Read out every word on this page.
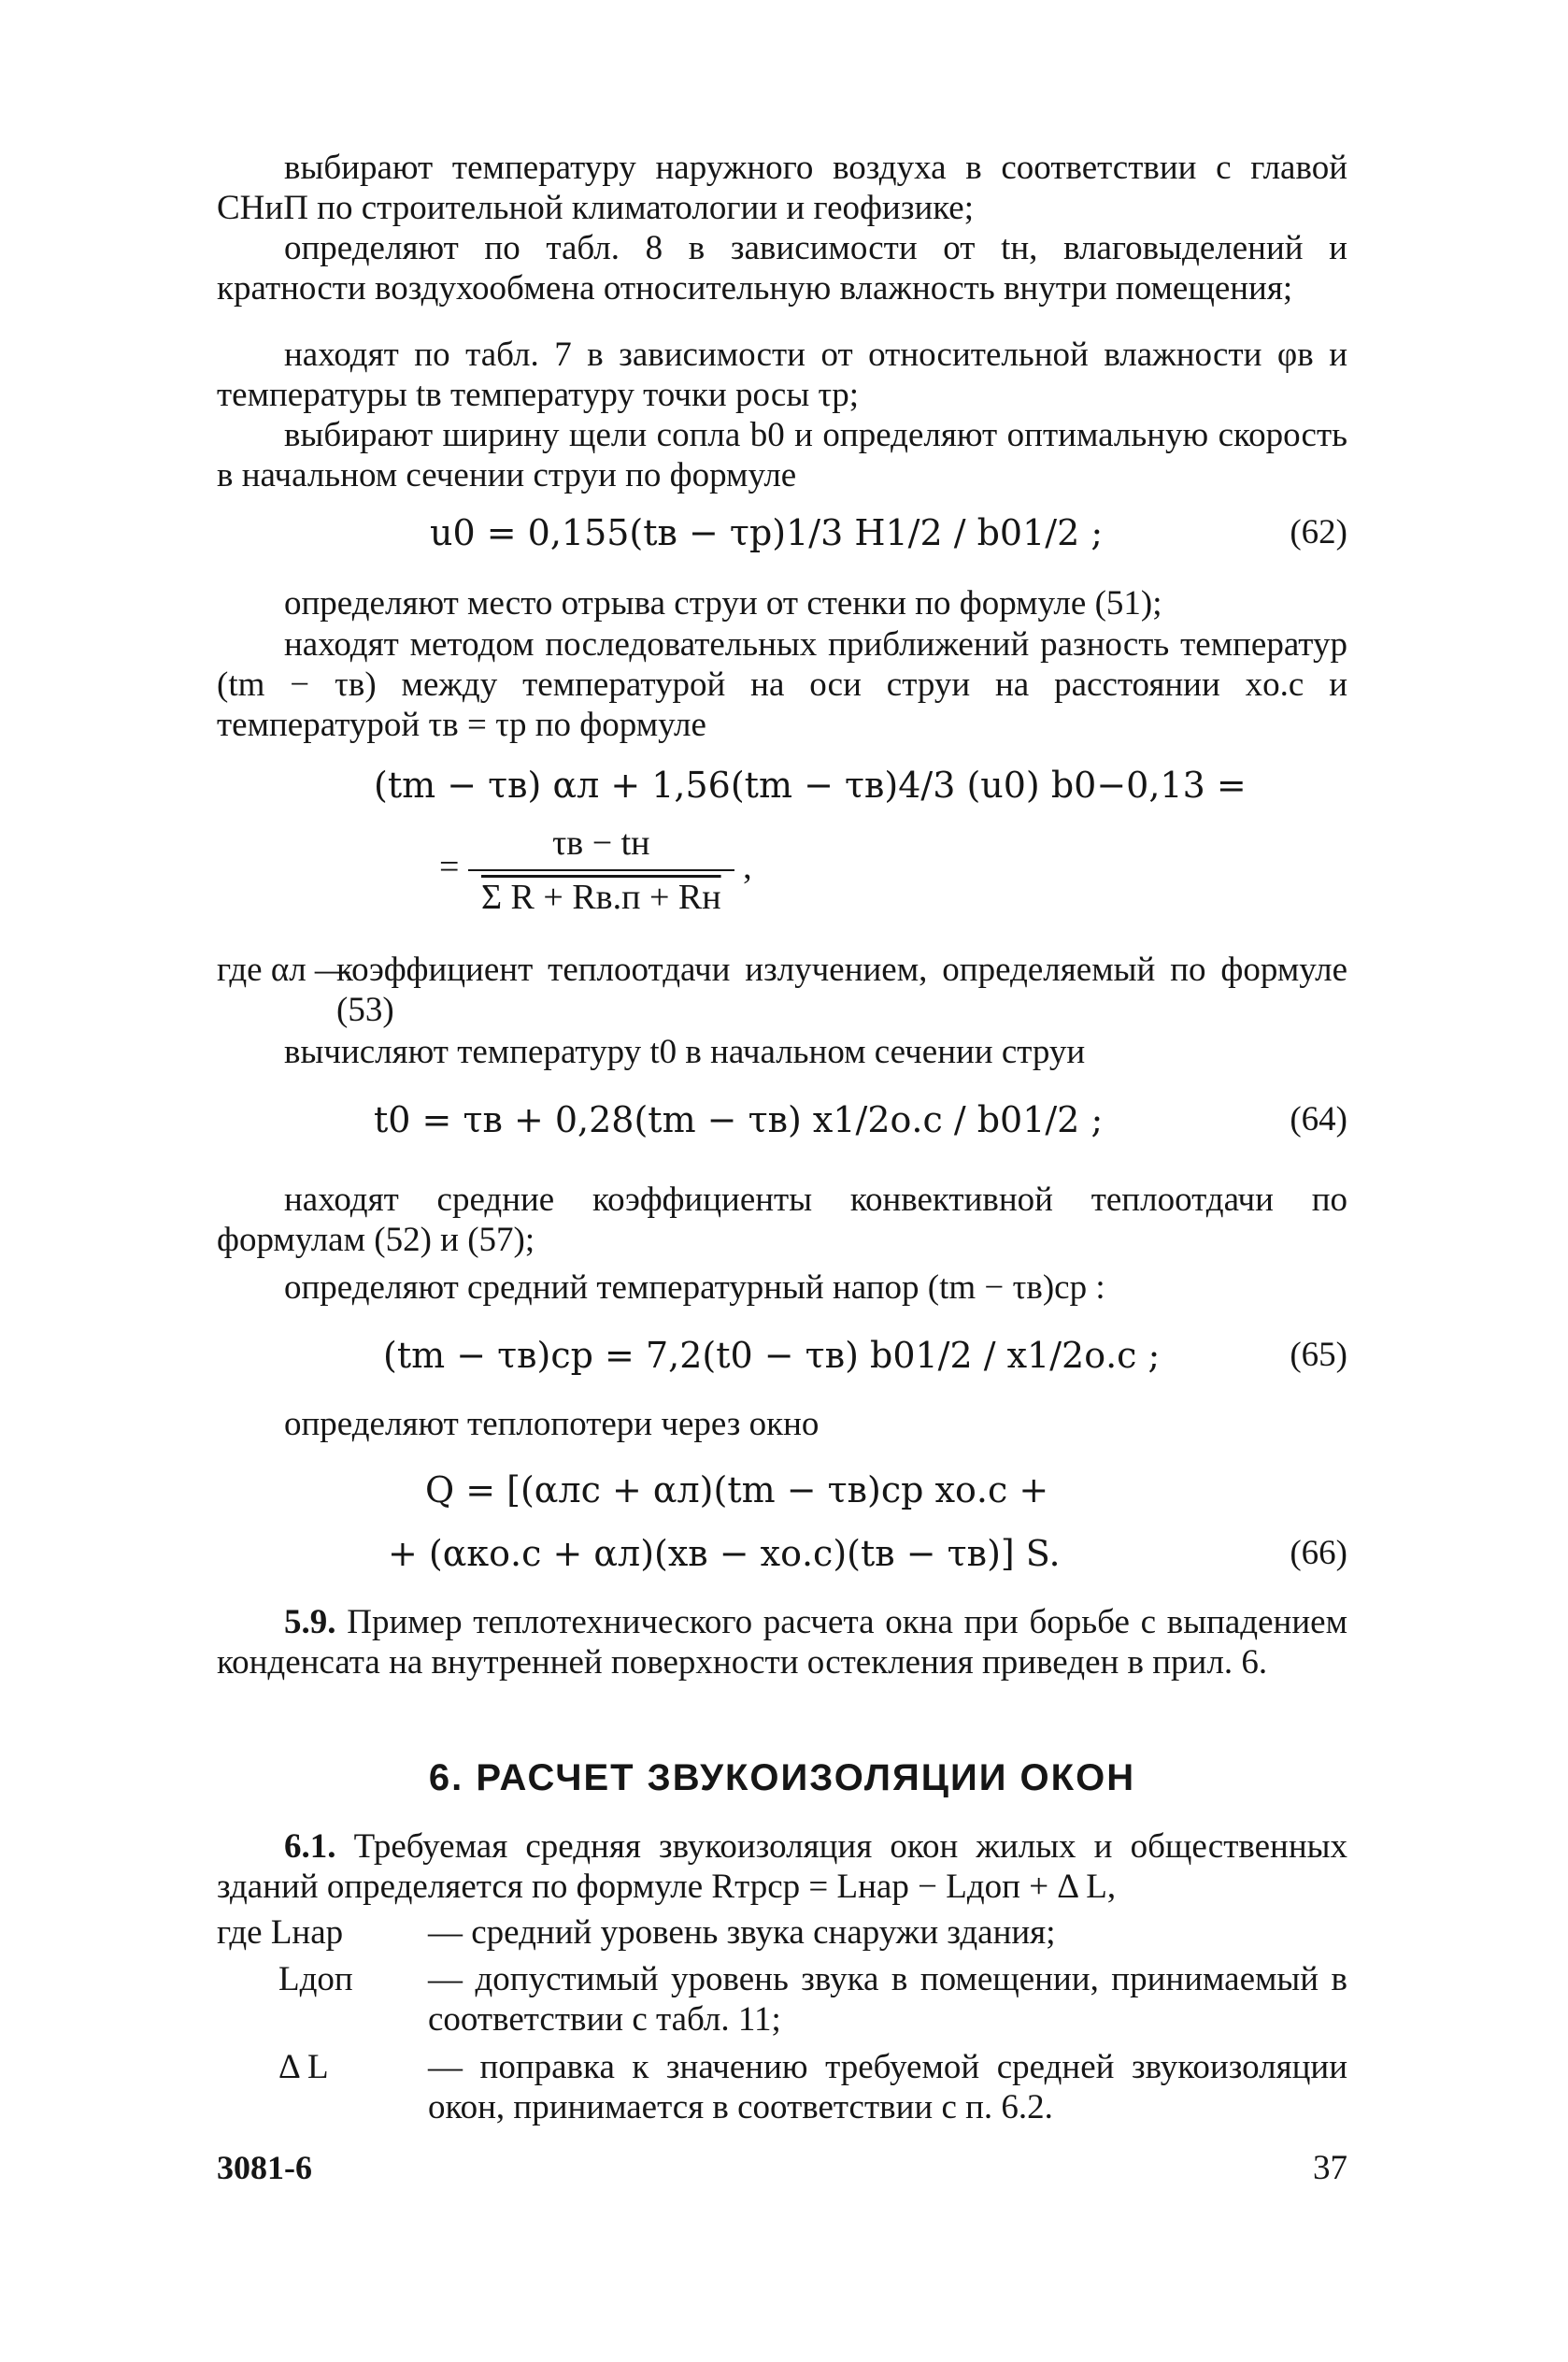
выбирают температуру наружного воздуха в соответствии с главой СНиП по строительной климатологии и геофизике;

определяют по табл. 8 в зависимости от tн, влаговыделений и кратности воздухообмена относительную влажность внутри помещения;

находят по табл. 7 в зависимости от относительной влажности φв и температуры tв температуру точки росы τр;

выбирают ширину щели сопла b0 и определяют оптимальную скорость в начальном сечении струи по формуле

u0 = 0,155(tв − τр)1/3 H1/2 / b01/2 ;	(62)

определяют место отрыва струи от стенки по формуле (51);

находят методом последовательных приближений разность температур (tm − τв) между температурой на оси струи на расстоянии xо.с и температурой τв = τр по формуле

(tm − τв) αл + 1,56(tm − τв)4/3 (u0) b0−0,13 =
= $\frac{\tau в - tн}{\text{Σ R + Rв.п + Rн}}$ ,
где αл —
коэффициент теплоотдачи излучением, определяемый по формуле (53)

вычисляют температуру t0 в начальном сечении струи

t0 = τв + 0,28(tm − τв) x1/2о.с / b01/2 ;	(64)

находят средние коэффициенты конвективной теплоотдачи по формулам (52) и (57);

определяют средний температурный напор (tm − τв)ср :

(tm − τв)ср = 7,2(t0 − τв) b01/2 / x1/2о.с ;	(65)

определяют теплопотери через окно

Q = [(αлс + αл)(tm − τв)ср xо.с +
+ (αко.с + αл)(xв − xо.с)(tв − τв)] S.	(66)

5.9. Пример теплотехнического расчета окна при борьбе с выпадением конденсата на внутренней поверхности остекления приведен в прил. 6.

6. РАСЧЕТ ЗВУКОИЗОЛЯЦИИ ОКОН

6.1. Требуемая средняя звукоизоляция окон жилых и общественных зданий определяется по формуле Rтрср = Lнар − Lдоп + Δ L,

где Lнар	— средний уровень звука снаружи здания;
Lдоп	— допустимый уровень звука в помещении, принимаемый в соответствии с табл. 11;
Δ L	— поправка к значению требуемой средней звукоизоляции окон, принимается в соответствии с п. 6.2.
3081-6	37
